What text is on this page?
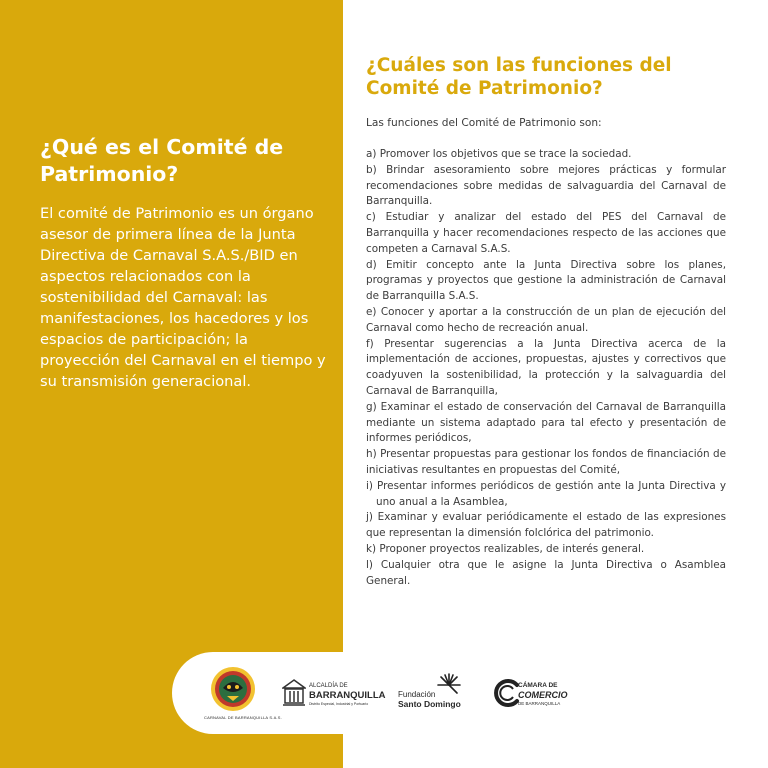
¿Qué es el Comité de Patrimonio?

El comité de Patrimonio es un órgano asesor de primera línea de la Junta Directiva de Carnaval S.A.S./BID en aspectos relacionados con la sostenibilidad del Carnaval: las manifestaciones, los hacedores y los espacios de participación; la proyección del Carnaval en el tiempo y su transmisión generacional.

¿Cuáles son las funciones del Comité de Patrimonio?

Las funciones del Comité de Patrimonio son:

a) Promover los objetivos que se trace la sociedad.
b) Brindar asesoramiento sobre mejores prácticas y formular recomendaciones sobre medidas de salvaguardia del Carnaval de Barranquilla.
c) Estudiar y analizar del estado del PES del Carnaval de Barranquilla y hacer recomendaciones respecto de las acciones que competen a Carnaval S.A.S.
d) Emitir concepto ante la Junta Directiva sobre los planes, programas y proyectos que gestione la administración de Carnaval de Barranquilla S.A.S.
e) Conocer y aportar a la construcción de un plan de ejecución del Carnaval como hecho de recreación anual.
f) Presentar sugerencias a la Junta Directiva acerca de la implementación de acciones, propuestas, ajustes y correctivos que coadyuven la sostenibilidad, la protección y la salvaguardia del Carnaval de Barranquilla,
g) Examinar el estado de conservación del Carnaval de Barranquilla mediante un sistema adaptado para tal efecto y presentación de informes periódicos,
h) Presentar propuestas para gestionar los fondos de financiación de iniciativas resultantes en propuestas del Comité,
i) Presentar informes periódicos de gestión ante la Junta Directiva y uno anual a la Asamblea,
j) Examinar y evaluar periódicamente el estado de las expresiones que representan la dimensión folclórica del patrimonio.
k) Proponer proyectos realizables, de interés general.
l) Cualquier otra que le asigne la Junta Directiva o Asamblea General.
CARNAVAL DE BARRANQUILLA S.A.S.
ALCALDÍA DE
BARRANQUILLA
Distrito Especial, Industrial y Portuario
Fundación
Santo Domingo
CÁMARA DE
COMERCIO
DE BARRANQUILLA
